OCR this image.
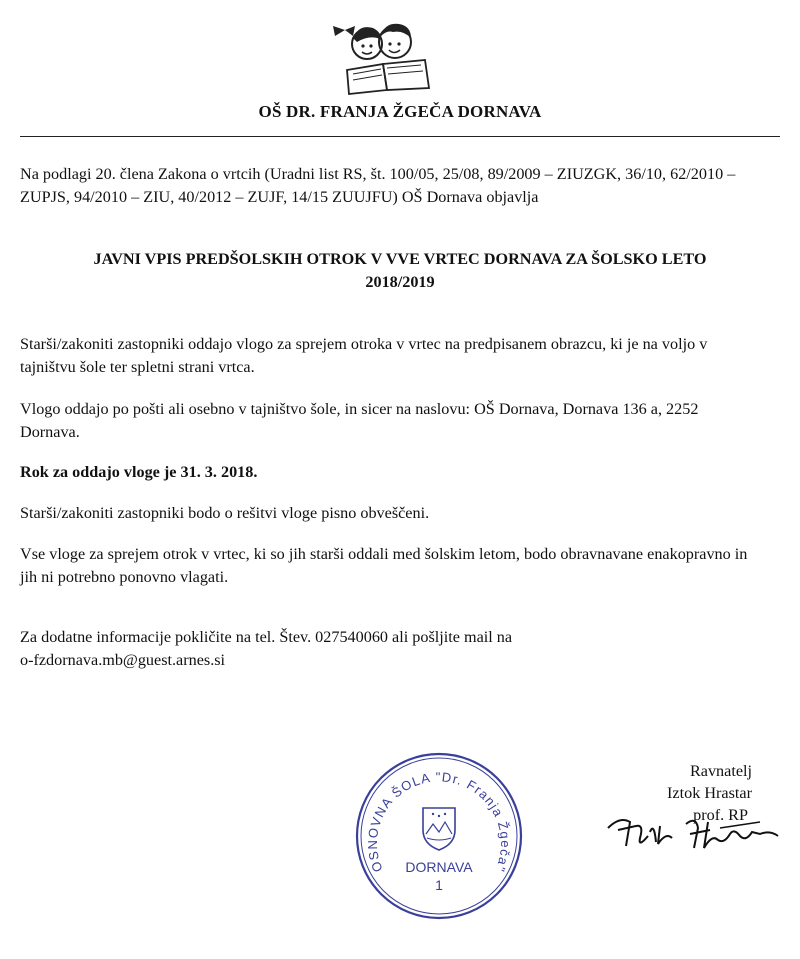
OŠ DR. FRANJA ŽGEČA DORNAVA
Na podlagi 20. člena Zakona o vrtcih (Uradni list RS, št. 100/05, 25/08, 89/2009 – ZIUZGK, 36/10, 62/2010 – ZUPJS, 94/2010 – ZIU, 40/2012 – ZUJF, 14/15 ZUUJFU) OŠ Dornava objavlja
JAVNI VPIS PREDŠOLSKIH OTROK V VVE VRTEC DORNAVA ZA ŠOLSKO LETO
2018/2019
Starši/zakoniti zastopniki oddajo vlogo za sprejem otroka v vrtec na predpisanem obrazcu, ki je na voljo v tajništvu šole ter spletni strani vrtca.
Vlogo oddajo po pošti ali osebno v tajništvo šole, in sicer na naslovu: OŠ Dornava, Dornava 136 a, 2252 Dornava.
Rok za oddajo vloge je 31. 3. 2018.
Starši/zakoniti zastopniki bodo o rešitvi vloge pisno obveščeni.
Vse vloge za sprejem otrok v vrtec, ki so jih starši oddali med šolskim letom, bodo obravnavane enakopravno in jih ni potrebno ponovno vlagati.
Za dodatne informacije pokličite na tel. Štev. 027540060 ali pošljite mail na
o-fzdornava.mb@guest.arnes.si
Ravnatelj
Iztok Hrastar
prof. RP
OSNOVNA ŠOLA "Dr. Franja Žgeča"
DORNAVA
1
